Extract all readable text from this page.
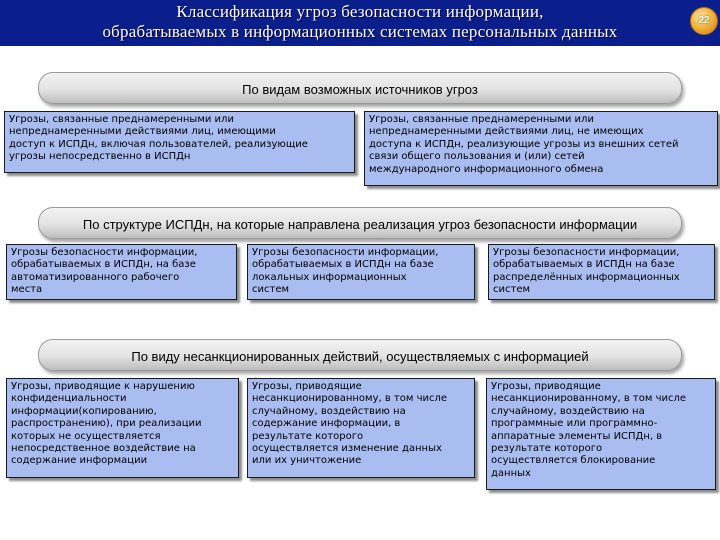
Классификация угроз безопасности информации,
обрабатываемых в информационных системах персональных данных
22
По видам возможных источников угроз
Угрозы, связанные преднамеренными или
непреднамеренными действиями лиц, имеющими
доступ к ИСПДн, включая пользователей, реализующие
угрозы непосредственно в ИСПДн
Угрозы, связанные преднамеренными или
непреднамеренными действиями лиц, не имеющих
доступа к ИСПДн, реализующие угрозы из внешних сетей
связи общего пользования и (или) сетей
международного информационного обмена
По структуре ИСПДн, на которые направлена реализация угроз безопасности информации
Угрозы безопасности информации,
обрабатываемых в ИСПДн, на базе
автоматизированного рабочего
места
Угрозы безопасности информации,
обрабатываемых в ИСПДн на базе
локальных информационных
систем
Угрозы безопасности информации,
обрабатываемых в ИСПДн на базе
распределённых информационных
систем
По виду несанкционированных действий, осуществляемых с информацией
Угрозы, приводящие к нарушению
конфиденциальности
информации(копированию,
распространению), при реализации
которых не осуществляется
непосредственное воздействие на
содержание информации
Угрозы, приводящие
несанкционированному, в том числе
случайному, воздействию на
содержание информации, в
результате которого
осуществляется изменение данных
или их уничтожение
Угрозы, приводящие
несанкционированному, в том числе
случайному, воздействию на
программные или программно-
аппаратные элементы ИСПДн, в
результате которого
осуществляется блокирование
данных
